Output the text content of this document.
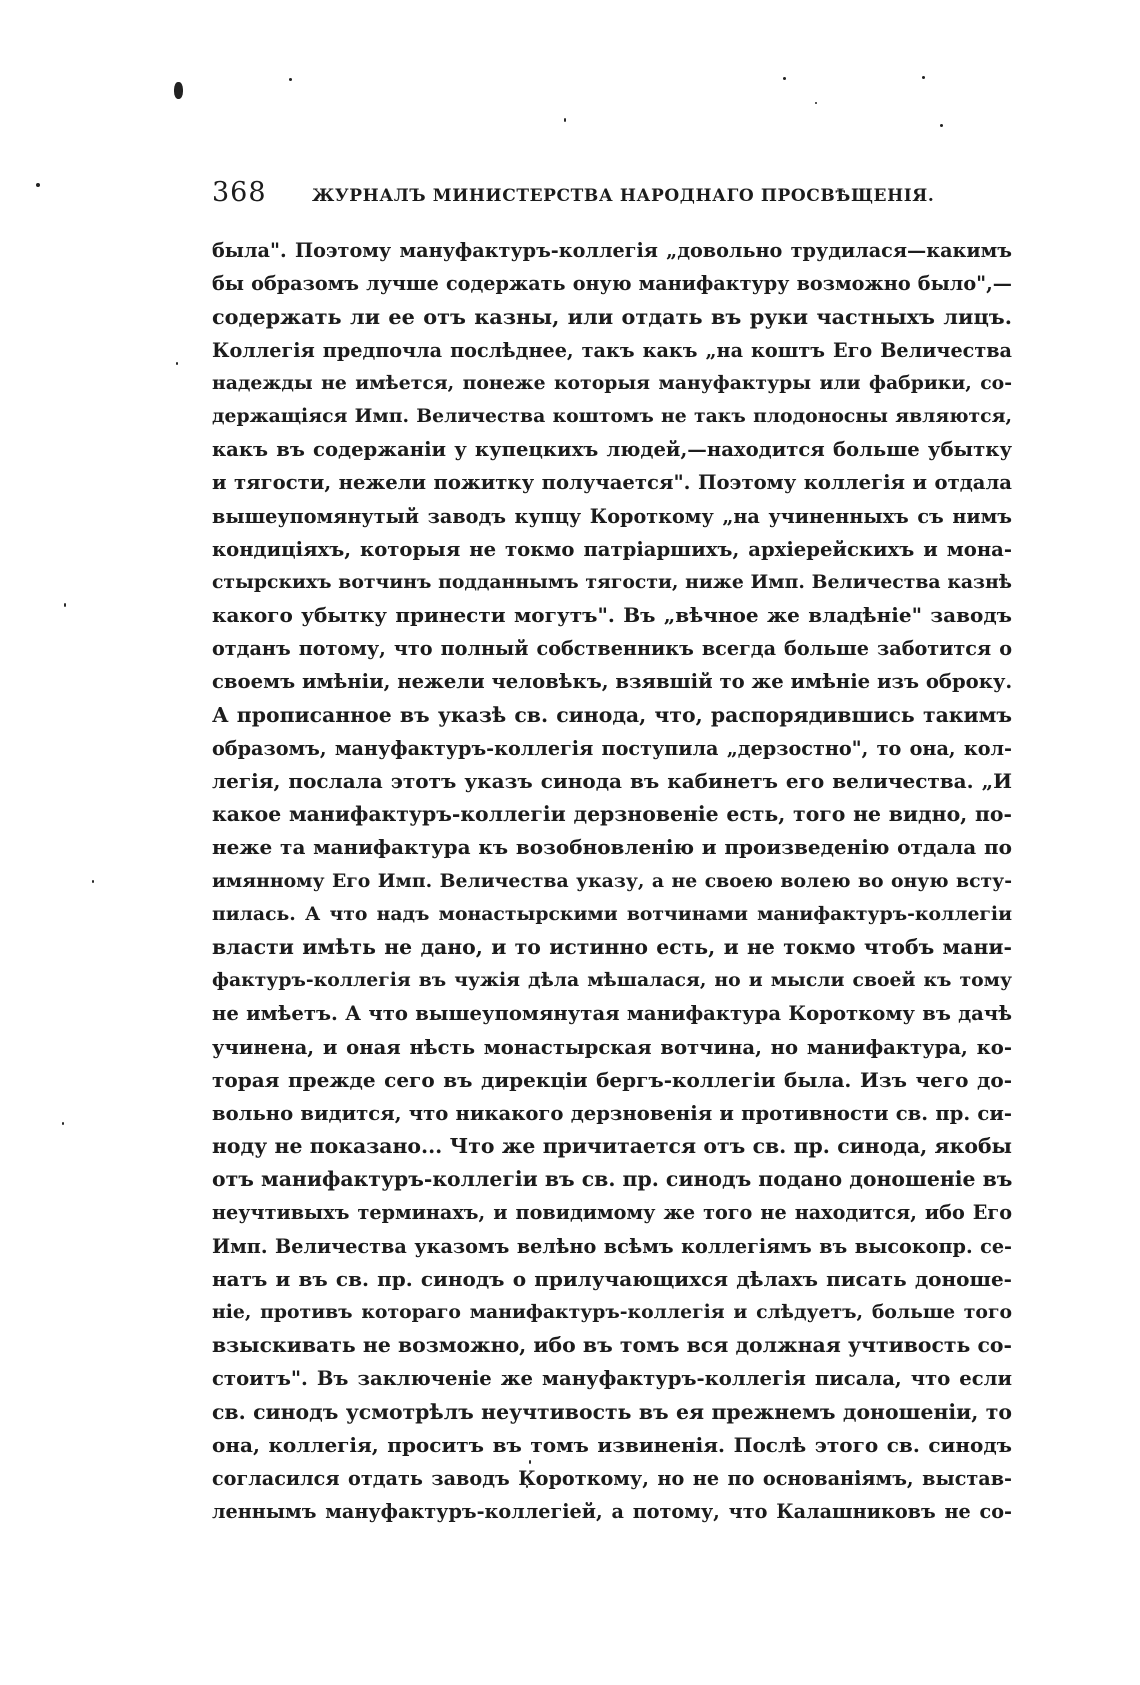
368	ЖУРНАЛЪ МИНИСТЕРСТВА НАРОДНАГО ПРОСВѢЩЕНІЯ.
была". Поэтому мануфактуръ-коллегія „довольно трудилася—какимъ
бы образомъ лучше содержать оную манифактуру возможно было",—
содержать ли ее отъ казны, или отдать въ руки частныхъ лицъ.
Коллегія предпочла послѣднее, такъ какъ „на коштъ Его Величества
надежды не имѣется, понеже которыя мануфактуры или фабрики, со-
держащіяся Имп. Величества коштомъ не такъ плодоносны являются,
какъ въ содержаніи у купецкихъ людей,—находится больше убытку
и тягости, нежели пожитку получается". Поэтому коллегія и отдала
вышеупомянутый заводъ купцу Короткому „на учиненныхъ съ нимъ
кондиціяхъ, которыя не токмо патріаршихъ, архіерейскихъ и мона-
стырскихъ вотчинъ подданнымъ тягости, ниже Имп. Величества казнѣ
какого убытку принести могутъ". Въ „вѣчное же владѣніе" заводъ
отданъ потому, что полный собственникъ всегда больше заботится о
своемъ имѣніи, нежели человѣкъ, взявшій то же имѣніе изъ оброку.
А прописанное въ указѣ св. синода, что, распорядившись такимъ
образомъ, мануфактуръ-коллегія поступила „дерзостно", то она, кол-
легія, послала этотъ указъ синода въ кабинетъ его величества. „И
какое манифактуръ-коллегіи дерзновеніе есть, того не видно, по-
неже та манифактура къ возобновленію и произведенію отдала по
имянному Его Имп. Величества указу, а не своею волею во оную всту-
пилась. А что надъ монастырскими вотчинами манифактуръ-коллегіи
власти имѣть не дано, и то истинно есть, и не токмо чтобъ мани-
фактуръ-коллегія въ чужія дѣла мѣшалася, но и мысли своей къ тому
не имѣетъ. А что вышеупомянутая манифактура Короткому въ дачѣ
учинена, и оная нѣсть монастырская вотчина, но манифактура, ко-
торая прежде сего въ дирекціи бергъ-коллегіи была. Изъ чего до-
вольно видится, что никакого дерзновенія и противности св. пр. си-
ноду не показано... Что же причитается отъ св. пр. синода, якобы
отъ манифактуръ-коллегіи въ св. пр. синодъ подано доношеніе въ
неучтивыхъ терминахъ, и повидимому же того не находится, ибо Его
Имп. Величества указомъ велѣно всѣмъ коллегіямъ въ высокопр. се-
натъ и въ св. пр. синодъ о прилучающихся дѣлахъ писать доноше-
ніе, противъ котораго манифактуръ-коллегія и слѣдуетъ, больше того
взыскивать не возможно, ибо въ томъ вся должная учтивость со-
стоитъ". Въ заключеніе же мануфактуръ-коллегія писала, что если
св. синодъ усмотрѣлъ неучтивость въ ея прежнемъ доношеніи, то
она, коллегія, проситъ въ томъ извиненія. Послѣ этого св. синодъ
согласился отдать заводъ Короткому, но не по основаніямъ, выстав-
леннымъ мануфактуръ-коллегіей, а потому, что Калашниковъ не со-
